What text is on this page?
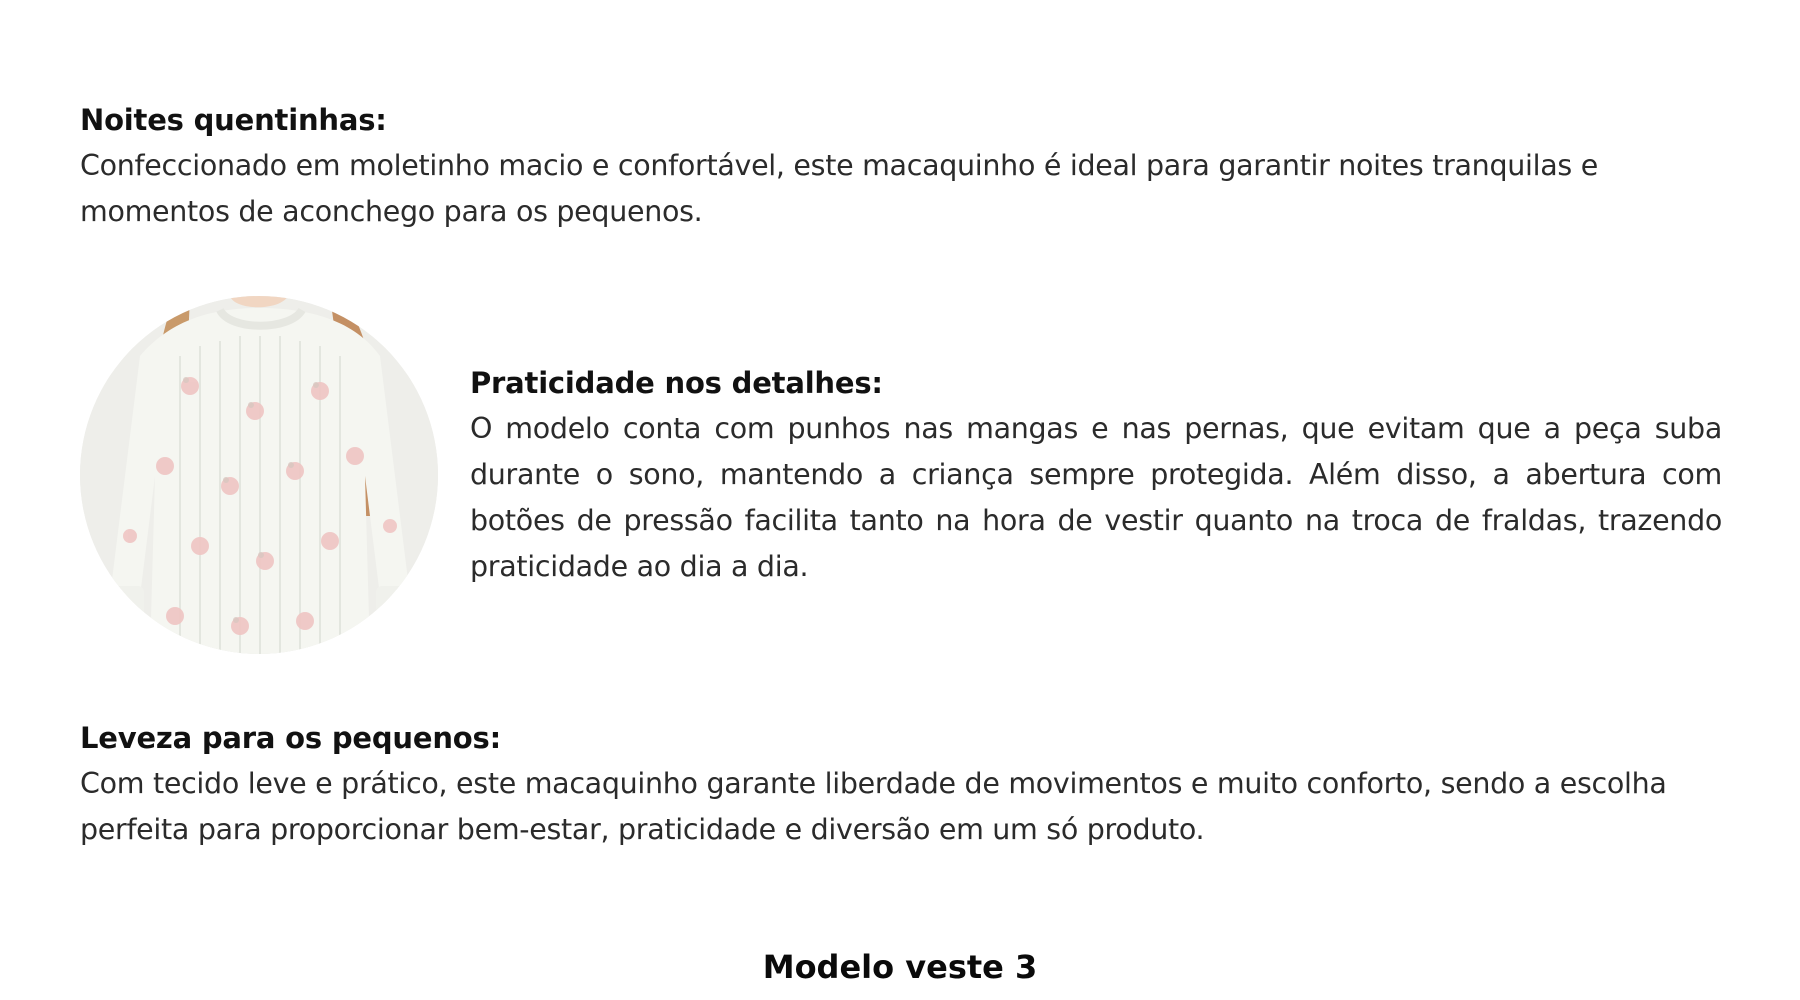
Noites quentinhas:

Confeccionado em moletinho macio e confortável, este macaquinho é ideal para garantir noites tranquilas e momentos de aconchego para os pequenos.

Praticidade nos detalhes:

O modelo conta com punhos nas mangas e nas pernas, que evitam que a peça suba durante o sono, mantendo a criança sempre protegida. Além disso, a abertura com botões de pressão facilita tanto na hora de vestir quanto na troca de fraldas, trazendo praticidade ao dia a dia.

Leveza para os pequenos:

Com tecido leve e prático, este macaquinho garante liberdade de movimentos e muito conforto, sendo a escolha perfeita para proporcionar bem-estar, praticidade e diversão em um só produto.

Modelo veste 3
